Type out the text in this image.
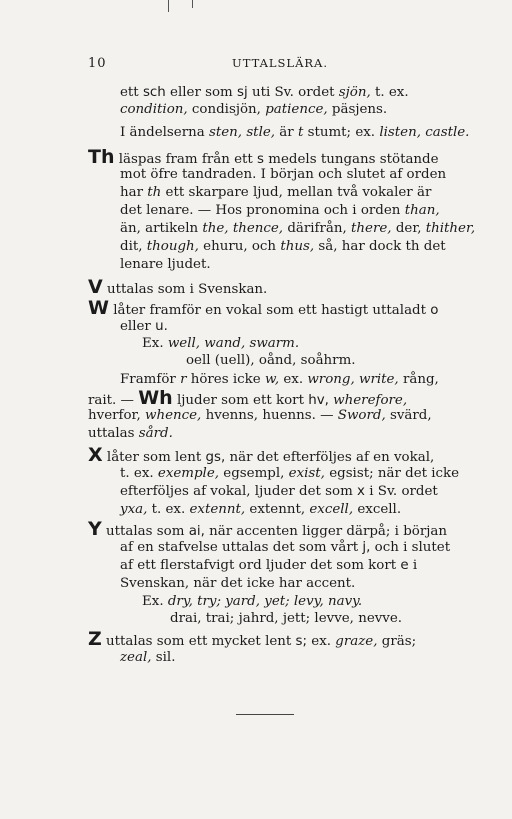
10	UTTALSLÄRA.
ett sch eller som sj uti Sv. ordet sjön, t. ex.
condition, condisjön, patience, päsjens.
I ändelserna sten, stle, är t stumt; ex. listen, castle.
Th läspas fram från ett s medels tungans stötande
mot öfre tandraden. I början och slutet af orden
har th ett skarpare ljud, mellan två vokaler är
det lenare. — Hos pronomina och i orden than,
än, artikeln the, thence, därifrån, there, der, thither,
dit, though, ehuru, och thus, så, har dock th det
lenare ljudet.
V uttalas som i Svenskan.
W låter framför en vokal som ett hastigt uttaladt o
eller u.
Ex. well, wand, swarm.
oell (uell), oånd, soåhrm.
Framför r höres icke w, ex. wrong, write, rång,
rait. — Wh ljuder som ett kort hv, wherefore,
hverfor, whence, hvenns, huenns. — Sword, svärd,
uttalas sård.
X låter som lent gs, när det efterföljes af en vokal,
t. ex. exemple, egsempl, exist, egsist; när det icke
efterföljes af vokal, ljuder det som x i Sv. ordet
yxa, t. ex. extennt, extennt, excell, excell.
Y uttalas som ai, när accenten ligger därpå; i början
af en stafvelse uttalas det som vårt j, och i slutet
af ett flerstafvigt ord ljuder det som kort e i
Svenskan, när det icke har accent.
Ex. dry, try; yard, yet; levy, navy.
drai, trai; jahrd, jett; levve, nevve.
Z uttalas som ett mycket lent s; ex. graze, gräs;
zeal, sil.
